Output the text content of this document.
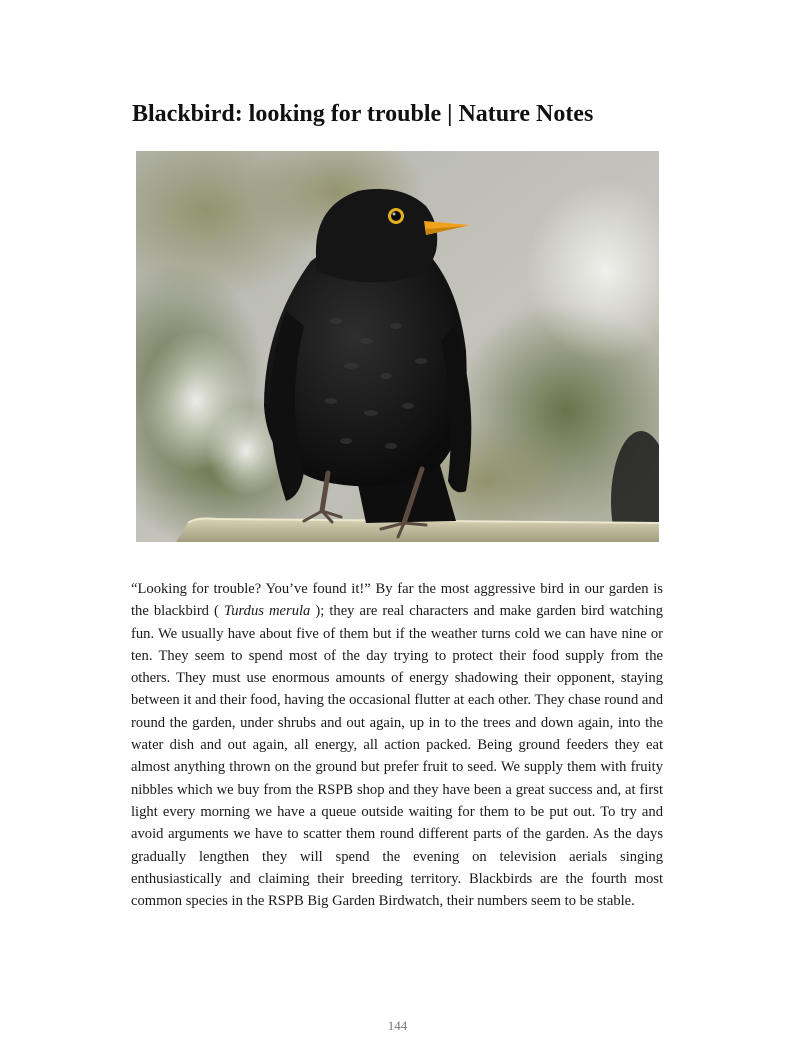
Blackbird: looking for trouble | Nature Notes

“Looking for trouble? You’ve found it!” By far the most aggressive bird in our garden is the blackbird ( Turdus merula ); they are real characters and make garden bird watching fun. We usually have about five of them but if the weather turns cold we can have nine or ten. They seem to spend most of the day trying to protect their food supply from the others. They must use enormous amounts of energy shadowing their opponent, staying between it and their food, having the occasional flutter at each other. They chase round and round the garden, under shrubs and out again, up in to the trees and down again, into the water dish and out again, all energy, all action packed. Being ground feeders they eat almost anything thrown on the ground but prefer fruit to seed. We supply them with fruity nibbles which we buy from the RSPB shop and they have been a great success and, at first light every morning we have a queue outside waiting for them to be put out. To try and avoid arguments we have to scatter them round different parts of the garden. As the days gradually lengthen they will spend the evening on television aerials singing enthusiastically and claiming their breeding territory. Blackbirds are the fourth most common species in the RSPB Big Garden Birdwatch, their numbers seem to be stable.

144
